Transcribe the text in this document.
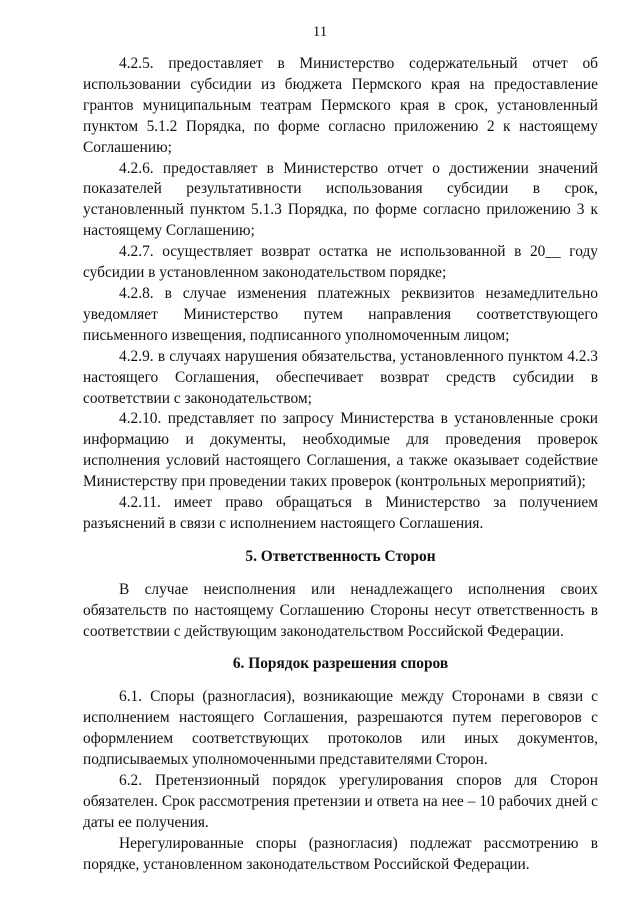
11

4.2.5. предоставляет в Министерство содержательный отчет об использовании субсидии из бюджета Пермского края на предоставление грантов муниципальным театрам Пермского края в срок, установленный пунктом 5.1.2 Порядка, по форме согласно приложению 2 к настоящему Соглашению;

4.2.6. предоставляет в Министерство отчет о достижении значений показателей результативности использования субсидии в срок, установленный пунктом 5.1.3 Порядка, по форме согласно приложению 3 к настоящему Соглашению;

4.2.7. осуществляет возврат остатка не использованной в 20__ году субсидии в установленном законодательством порядке;

4.2.8. в случае изменения платежных реквизитов незамедлительно уведомляет Министерство путем направления соответствующего письменного извещения, подписанного уполномоченным лицом;

4.2.9. в случаях нарушения обязательства, установленного пунктом 4.2.3 настоящего Соглашения, обеспечивает возврат средств субсидии в соответствии с законодательством;

4.2.10. представляет по запросу Министерства в установленные сроки информацию и документы, необходимые для проведения проверок исполнения условий настоящего Соглашения, а также оказывает содействие Министерству при проведении таких проверок (контрольных мероприятий);

4.2.11. имеет право обращаться в Министерство за получением разъяснений в связи с исполнением настоящего Соглашения.

5. Ответственность Сторон

В случае неисполнения или ненадлежащего исполнения своих обязательств по настоящему Соглашению Стороны несут ответственность в соответствии с действующим законодательством Российской Федерации.

6. Порядок разрешения споров

6.1. Споры (разногласия), возникающие между Сторонами в связи с исполнением настоящего Соглашения, разрешаются путем переговоров с оформлением соответствующих протоколов или иных документов, подписываемых уполномоченными представителями Сторон.

6.2. Претензионный порядок урегулирования споров для Сторон обязателен. Срок рассмотрения претензии и ответа на нее – 10 рабочих дней с даты ее получения.

Нерегулированные споры (разногласия) подлежат рассмотрению в порядке, установленном законодательством Российской Федерации.
